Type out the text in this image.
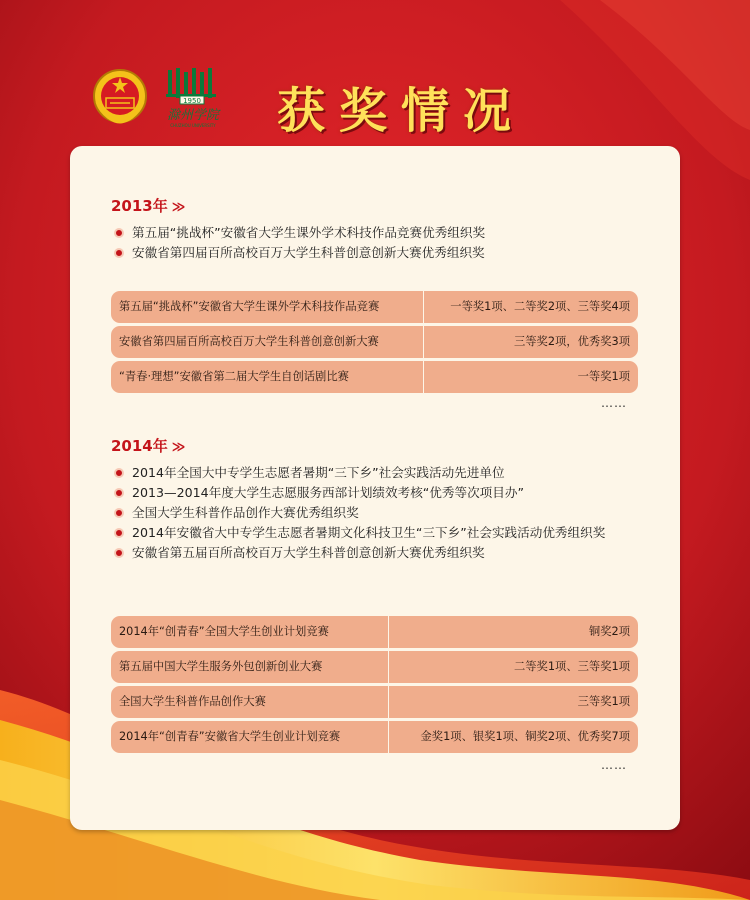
1950
滁州学院
CHUZHOU UNIVERSITY 获奖情况
2013年 ≫
第五届“挑战杯”安徽省大学生课外学术科技作品竞赛优秀组织奖
安徽省第四届百所高校百万大学生科普创意创新大赛优秀组织奖
第五届“挑战杯”安徽省大学生课外学术科技作品竞赛	一等奖1项、二等奖2项、三等奖4项
安徽省第四届百所高校百万大学生科普创意创新大赛	三等奖2项，优秀奖3项
“青春·理想”安徽省第二届大学生自创话剧比赛	一等奖1项
……
2014年 ≫
2014年全国大中专学生志愿者暑期“三下乡”社会实践活动先进单位
2013—2014年度大学生志愿服务西部计划绩效考核“优秀等次项目办”
全国大学生科普作品创作大赛优秀组织奖
2014年安徽省大中专学生志愿者暑期文化科技卫生“三下乡”社会实践活动优秀组织奖
安徽省第五届百所高校百万大学生科普创意创新大赛优秀组织奖
2014年“创青春”全国大学生创业计划竞赛	铜奖2项
第五届中国大学生服务外包创新创业大赛	二等奖1项、三等奖1项
全国大学生科普作品创作大赛	三等奖1项
2014年“创青春”安徽省大学生创业计划竞赛	金奖1项、银奖1项、铜奖2项、优秀奖7项
……
